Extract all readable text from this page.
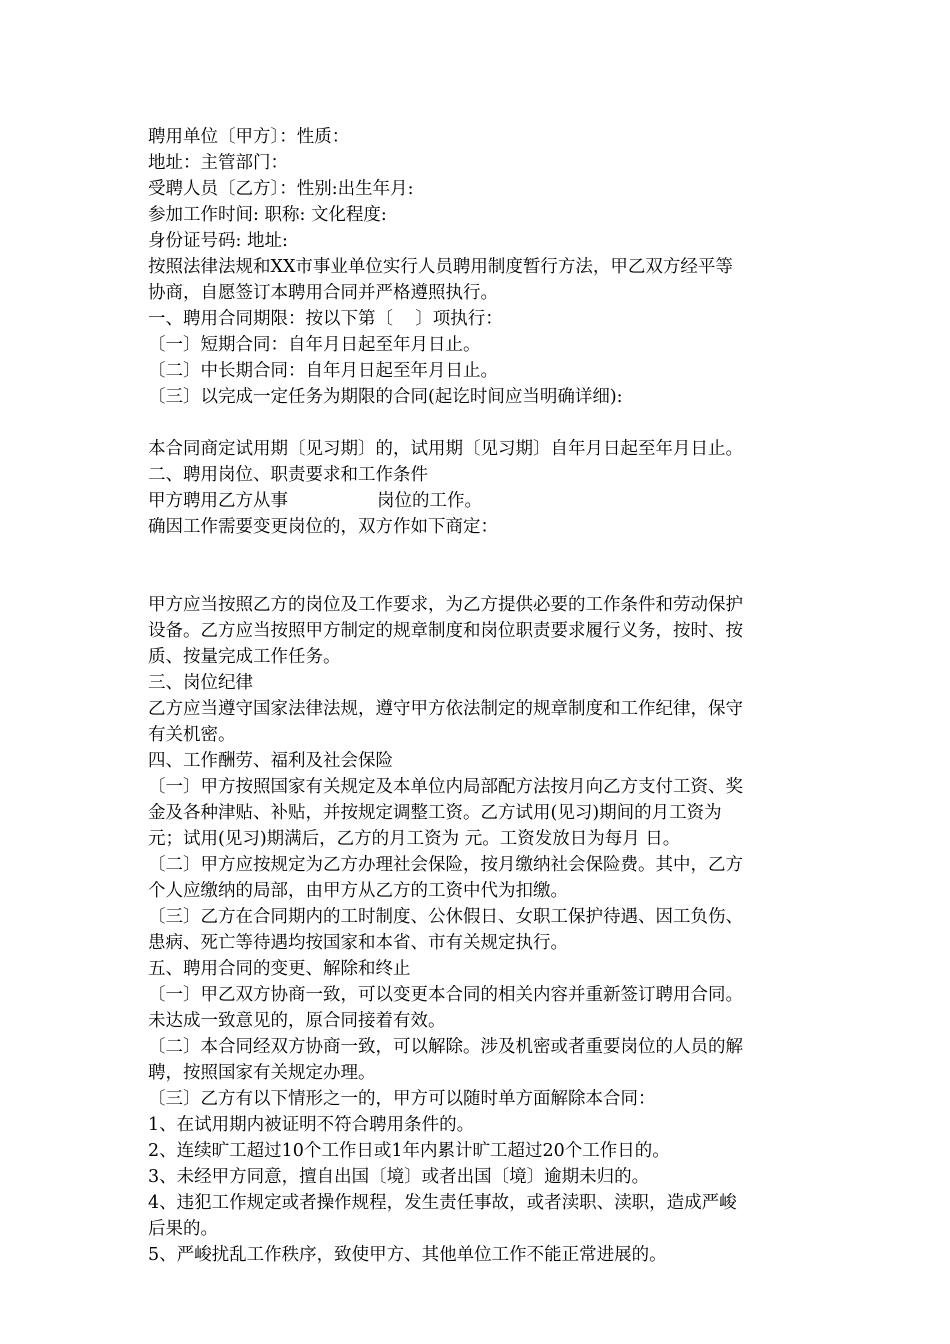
聘用单位〔甲方〕：性质：
地址：主管部门：
受聘人员〔乙方〕：性别:出生年月:
参加工作时间: 职称: 文化程度:
身份证号码: 地址:
按照法律法规和XX市事业单位实行人员聘用制度暂行方法，甲乙双方经平等
协商，自愿签订本聘用合同并严格遵照执行。
一、聘用合同期限：按以下第〔    〕项执行：
〔一〕短期合同：自年月日起至年月日止。
〔二〕中长期合同：自年月日起至年月日止。
〔三〕以完成一定任务为期限的合同(起讫时间应当明确详细):
本合同商定试用期〔见习期〕的，试用期〔见习期〕自年月日起至年月日止。
二、聘用岗位、职责要求和工作条件
甲方聘用乙方从事                岗位的工作。
确因工作需要变更岗位的，双方作如下商定：
甲方应当按照乙方的岗位及工作要求，为乙方提供必要的工作条件和劳动保护
设备。乙方应当按照甲方制定的规章制度和岗位职责要求履行义务，按时、按
质、按量完成工作任务。
三、岗位纪律
乙方应当遵守国家法律法规，遵守甲方依法制定的规章制度和工作纪律，保守
有关机密。
四、工作酬劳、福利及社会保险
〔一〕甲方按照国家有关规定及本单位内局部配方法按月向乙方支付工资、奖
金及各种津贴、补贴，并按规定调整工资。乙方试用(见习)期间的月工资为
元；试用(见习)期满后，乙方的月工资为 元。工资发放日为每月 日。
〔二〕甲方应按规定为乙方办理社会保险，按月缴纳社会保险费。其中，乙方
个人应缴纳的局部，由甲方从乙方的工资中代为扣缴。
〔三〕乙方在合同期内的工时制度、公休假日、女职工保护待遇、因工负伤、
患病、死亡等待遇均按国家和本省、市有关规定执行。
五、聘用合同的变更、解除和终止
〔一〕甲乙双方协商一致，可以变更本合同的相关内容并重新签订聘用合同。
未达成一致意见的，原合同接着有效。
〔二〕本合同经双方协商一致，可以解除。涉及机密或者重要岗位的人员的解
聘，按照国家有关规定办理。
〔三〕乙方有以下情形之一的，甲方可以随时单方面解除本合同：
1、在试用期内被证明不符合聘用条件的。
2、连续旷工超过10个工作日或1年内累计旷工超过20个工作日的。
3、未经甲方同意，擅自出国〔境〕或者出国〔境〕逾期未归的。
4、违犯工作规定或者操作规程，发生责任事故，或者渎职、渎职，造成严峻
后果的。
5、严峻扰乱工作秩序，致使甲方、其他单位工作不能正常进展的。
